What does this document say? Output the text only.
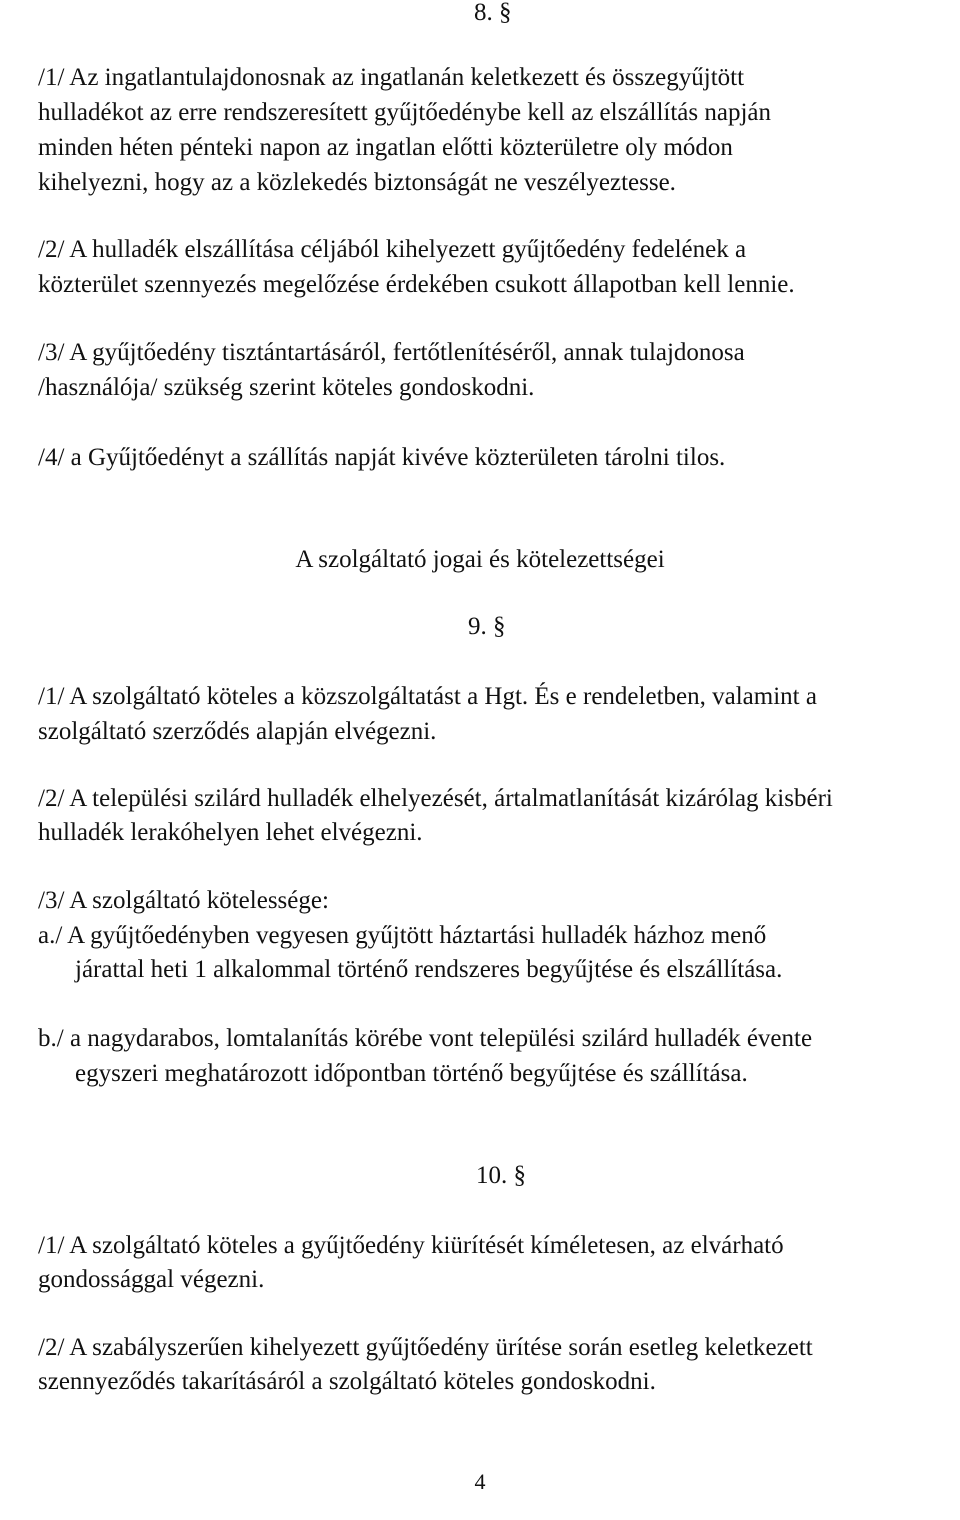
8. §
/1/ Az ingatlantulajdonosnak az ingatlanán keletkezett és összegyűjtött
hulladékot az erre rendszeresített gyűjtőedénybe kell az elszállítás napján
minden héten pénteki napon az ingatlan előtti közterületre oly módon
kihelyezni, hogy az a közlekedés biztonságát ne veszélyeztesse.
/2/ A hulladék elszállítása céljából kihelyezett gyűjtőedény fedelének a
közterület szennyezés megelőzése érdekében csukott állapotban kell lennie.
/3/ A gyűjtőedény tisztántartásáról, fertőtlenítéséről, annak tulajdonosa
/használója/ szükség szerint köteles gondoskodni.
/4/ a Gyűjtőedényt a szállítás napját kivéve közterületen tárolni tilos.
A szolgáltató jogai és kötelezettségei
9. §
/1/ A szolgáltató köteles a közszolgáltatást a Hgt. És e rendeletben, valamint a
szolgáltató szerződés alapján elvégezni.
/2/ A települési szilárd hulladék elhelyezését, ártalmatlanítását kizárólag kisbéri
hulladék lerakóhelyen lehet elvégezni.
/3/ A szolgáltató kötelessége:
a./ A gyűjtőedényben vegyesen gyűjtött háztartási hulladék házhoz menő
járattal heti 1 alkalommal történő rendszeres begyűjtése és elszállítása.
b./ a nagydarabos, lomtalanítás körébe vont települési szilárd hulladék évente
egyszeri meghatározott időpontban történő begyűjtése és szállítása.
10. §
/1/ A szolgáltató köteles a gyűjtőedény kiürítését kíméletesen, az elvárható
gondossággal végezni.
/2/ A szabályszerűen kihelyezett gyűjtőedény ürítése során esetleg keletkezett
szennyeződés takarításáról a szolgáltató köteles gondoskodni.
4
